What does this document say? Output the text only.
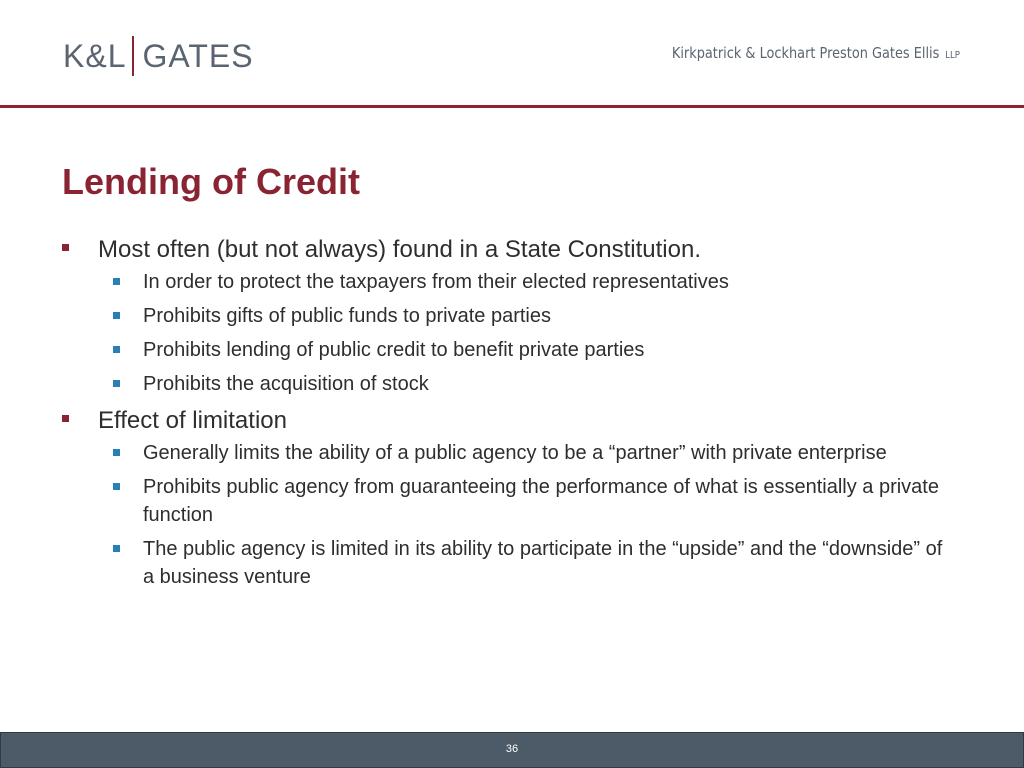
K&L GATES	Kirkpatrick & Lockhart Preston Gates Ellis LLP
Lending of Credit
Most often (but not always) found in a State Constitution.
In order to protect the taxpayers from their elected representatives
Prohibits gifts of public funds to private parties
Prohibits lending of public credit to benefit private parties
Prohibits the acquisition of stock
Effect of limitation
Generally limits the ability of a public agency to be a “partner” with private enterprise
Prohibits public agency from guaranteeing the performance of what is essentially a private function
The public agency is limited in its ability to participate in the “upside” and the “downside” of a business venture
36
